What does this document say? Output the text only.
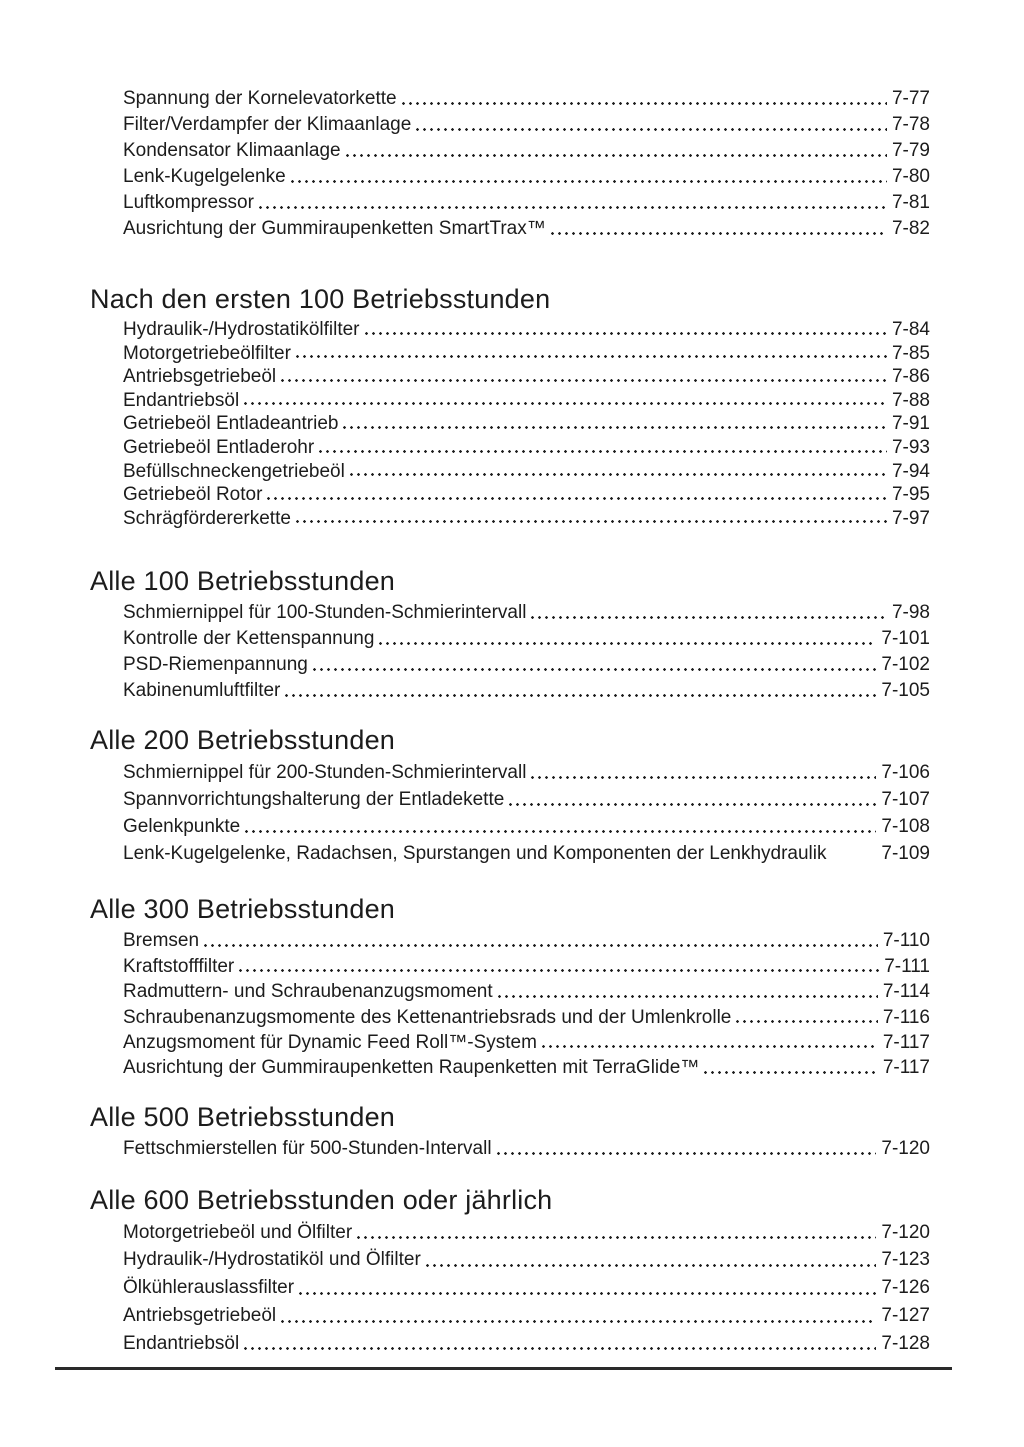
Spannung der Kornelevatorkette	7-77
Filter/Verdampfer der Klimaanlage	7-78
Kondensator Klimaanlage	7-79
Lenk-Kugelgelenke	7-80
Luftkompressor	7-81
Ausrichtung der Gummiraupenketten SmartTrax™	7-82
Nach den ersten 100 Betriebsstunden
Hydraulik-/Hydrostatikölfilter	7-84
Motorgetriebeölfilter	7-85
Antriebsgetriebeöl	7-86
Endantriebsöl	7-88
Getriebeöl Entladeantrieb	7-91
Getriebeöl Entladerohr	7-93
Befüllschneckengetriebeöl	7-94
Getriebeöl Rotor	7-95
Schrägfördererkette	7-97
Alle 100 Betriebsstunden
Schmiernippel für 100-Stunden-Schmierintervall	7-98
Kontrolle der Kettenspannung	7-101
PSD-Riemenpannung	7-102
Kabinenumluftfilter	7-105
Alle 200 Betriebsstunden
Schmiernippel für 200-Stunden-Schmierintervall	7-106
Spannvorrichtungshalterung der Entladekette	7-107
Gelenkpunkte	7-108
Lenk-Kugelgelenke, Radachsen, Spurstangen und Komponenten der Lenkhydraulik	7-109
Alle 300 Betriebsstunden
Bremsen	7-110
Kraftstofffilter	7-111
Radmuttern- und Schraubenanzugsmoment	7-114
Schraubenanzugsmomente des Kettenantriebsrads und der Umlenkrolle	7-116
Anzugsmoment für Dynamic Feed Roll™-System	7-117
Ausrichtung der Gummiraupenketten Raupenketten mit TerraGlide™	7-117
Alle 500 Betriebsstunden
Fettschmierstellen für 500-Stunden-Intervall	7-120
Alle 600 Betriebsstunden oder jährlich
Motorgetriebeöl und Ölfilter	7-120
Hydraulik-/Hydrostatiköl und Ölfilter	7-123
Ölkühlerauslassfilter	7-126
Antriebsgetriebeöl	7-127
Endantriebsöl	7-128
